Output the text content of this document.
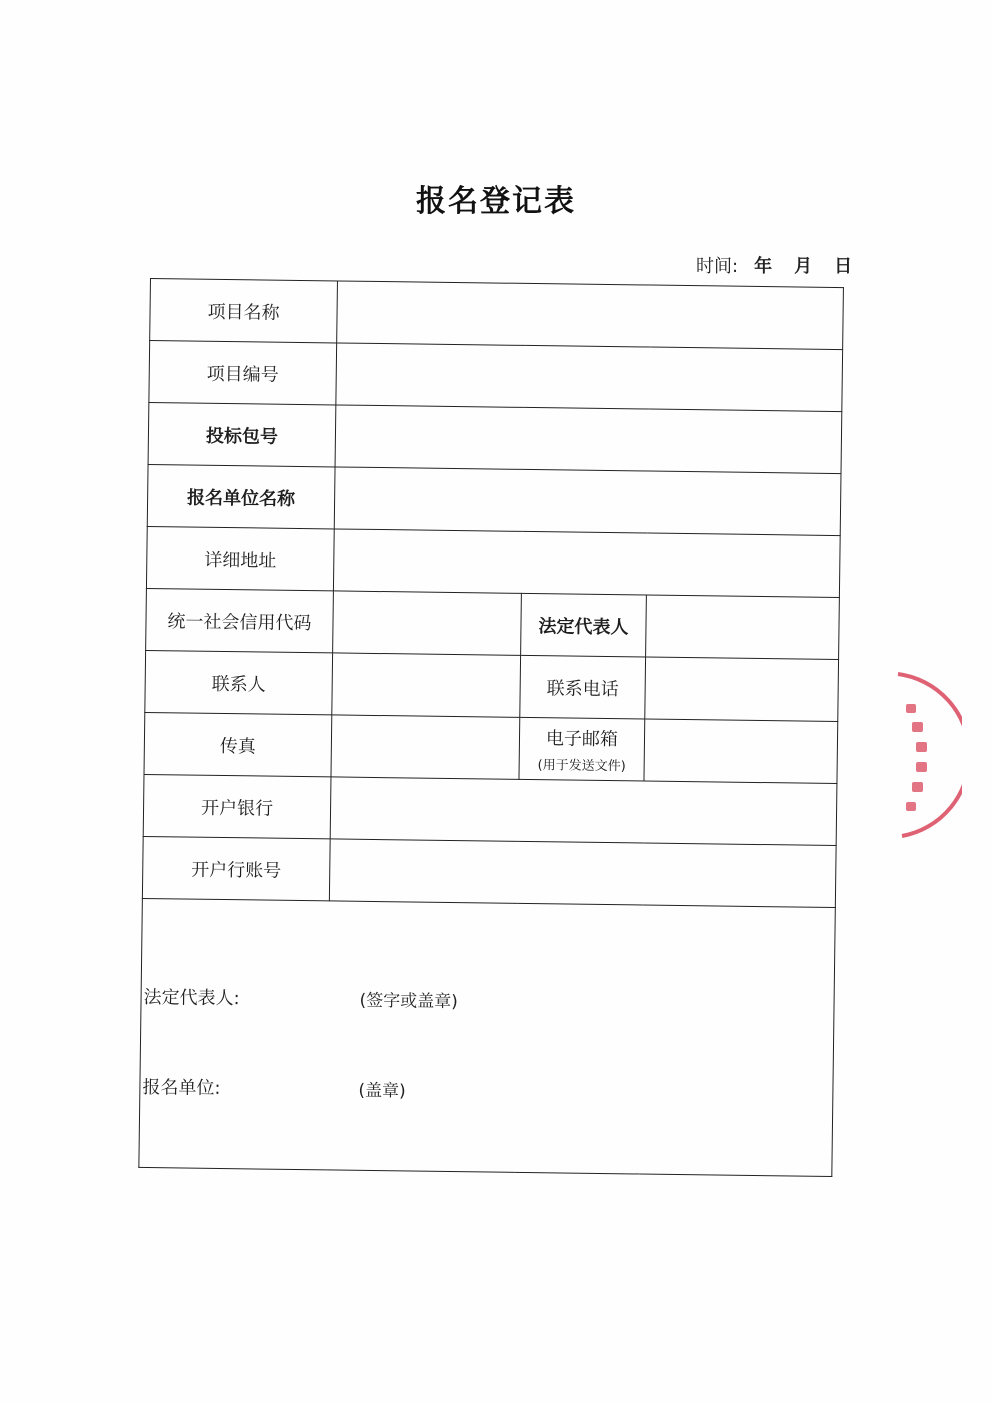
报名登记表
时间: 年 月 日
项目名称			
项目编号			
投标包号			
报名单位名称			
详细地址			
统一社会信用代码		法定代表人	
联系人		联系电话	
传真		电子邮箱
(用于发送文件)	

开户银行			
开户行账号			

法定代表人: (签字或盖章)
报名单位: (盖章)			
